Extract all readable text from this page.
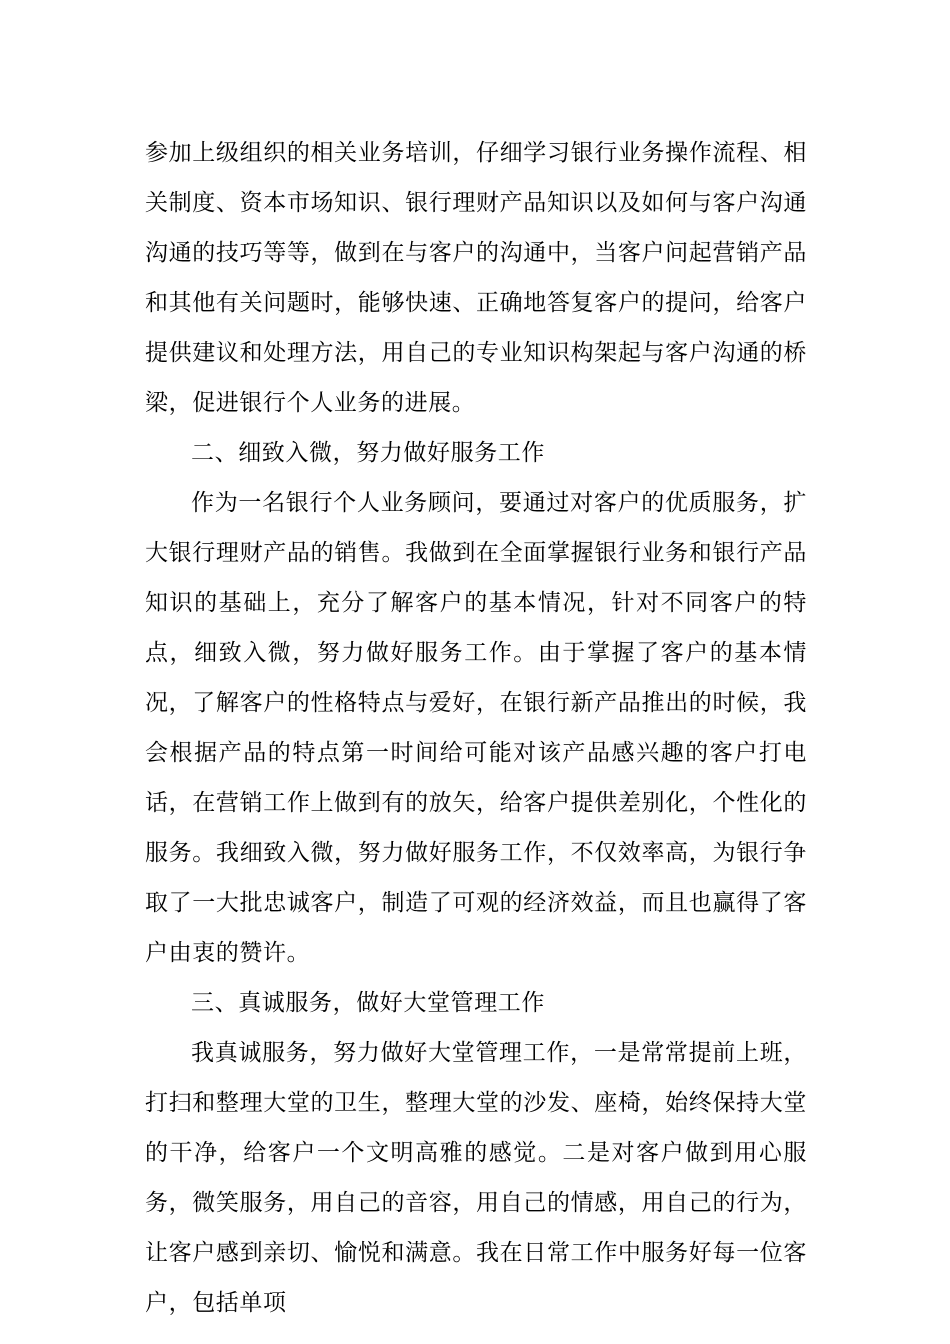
参加上级组织的相关业务培训，仔细学习银行业务操作流程、相关制度、资本市场知识、银行理财产品知识以及如何与客户沟通沟通的技巧等等，做到在与客户的沟通中，当客户问起营销产品和其他有关问题时，能够快速、正确地答复客户的提问，给客户提供建议和处理方法，用自己的专业知识构架起与客户沟通的桥梁，促进银行个人业务的进展。

二、细致入微，努力做好服务工作

作为一名银行个人业务顾问，要通过对客户的优质服务，扩大银行理财产品的销售。我做到在全面掌握银行业务和银行产品知识的基础上，充分了解客户的基本情况，针对不同客户的特点，细致入微，努力做好服务工作。由于掌握了客户的基本情况，了解客户的性格特点与爱好，在银行新产品推出的时候，我会根据产品的特点第一时间给可能对该产品感兴趣的客户打电话，在营销工作上做到有的放矢，给客户提供差别化，个性化的服务。我细致入微，努力做好服务工作，不仅效率高，为银行争取了一大批忠诚客户，制造了可观的经济效益，而且也赢得了客户由衷的赞许。

三、真诚服务，做好大堂管理工作

我真诚服务，努力做好大堂管理工作，一是常常提前上班，打扫和整理大堂的卫生，整理大堂的沙发、座椅，始终保持大堂的干净，给客户一个文明高雅的感觉。二是对客户做到用心服务，微笑服务，用自己的音容，用自己的情感，用自己的行为，让客户感到亲切、愉悦和满意。我在日常工作中服务好每一位客户，包括单项
